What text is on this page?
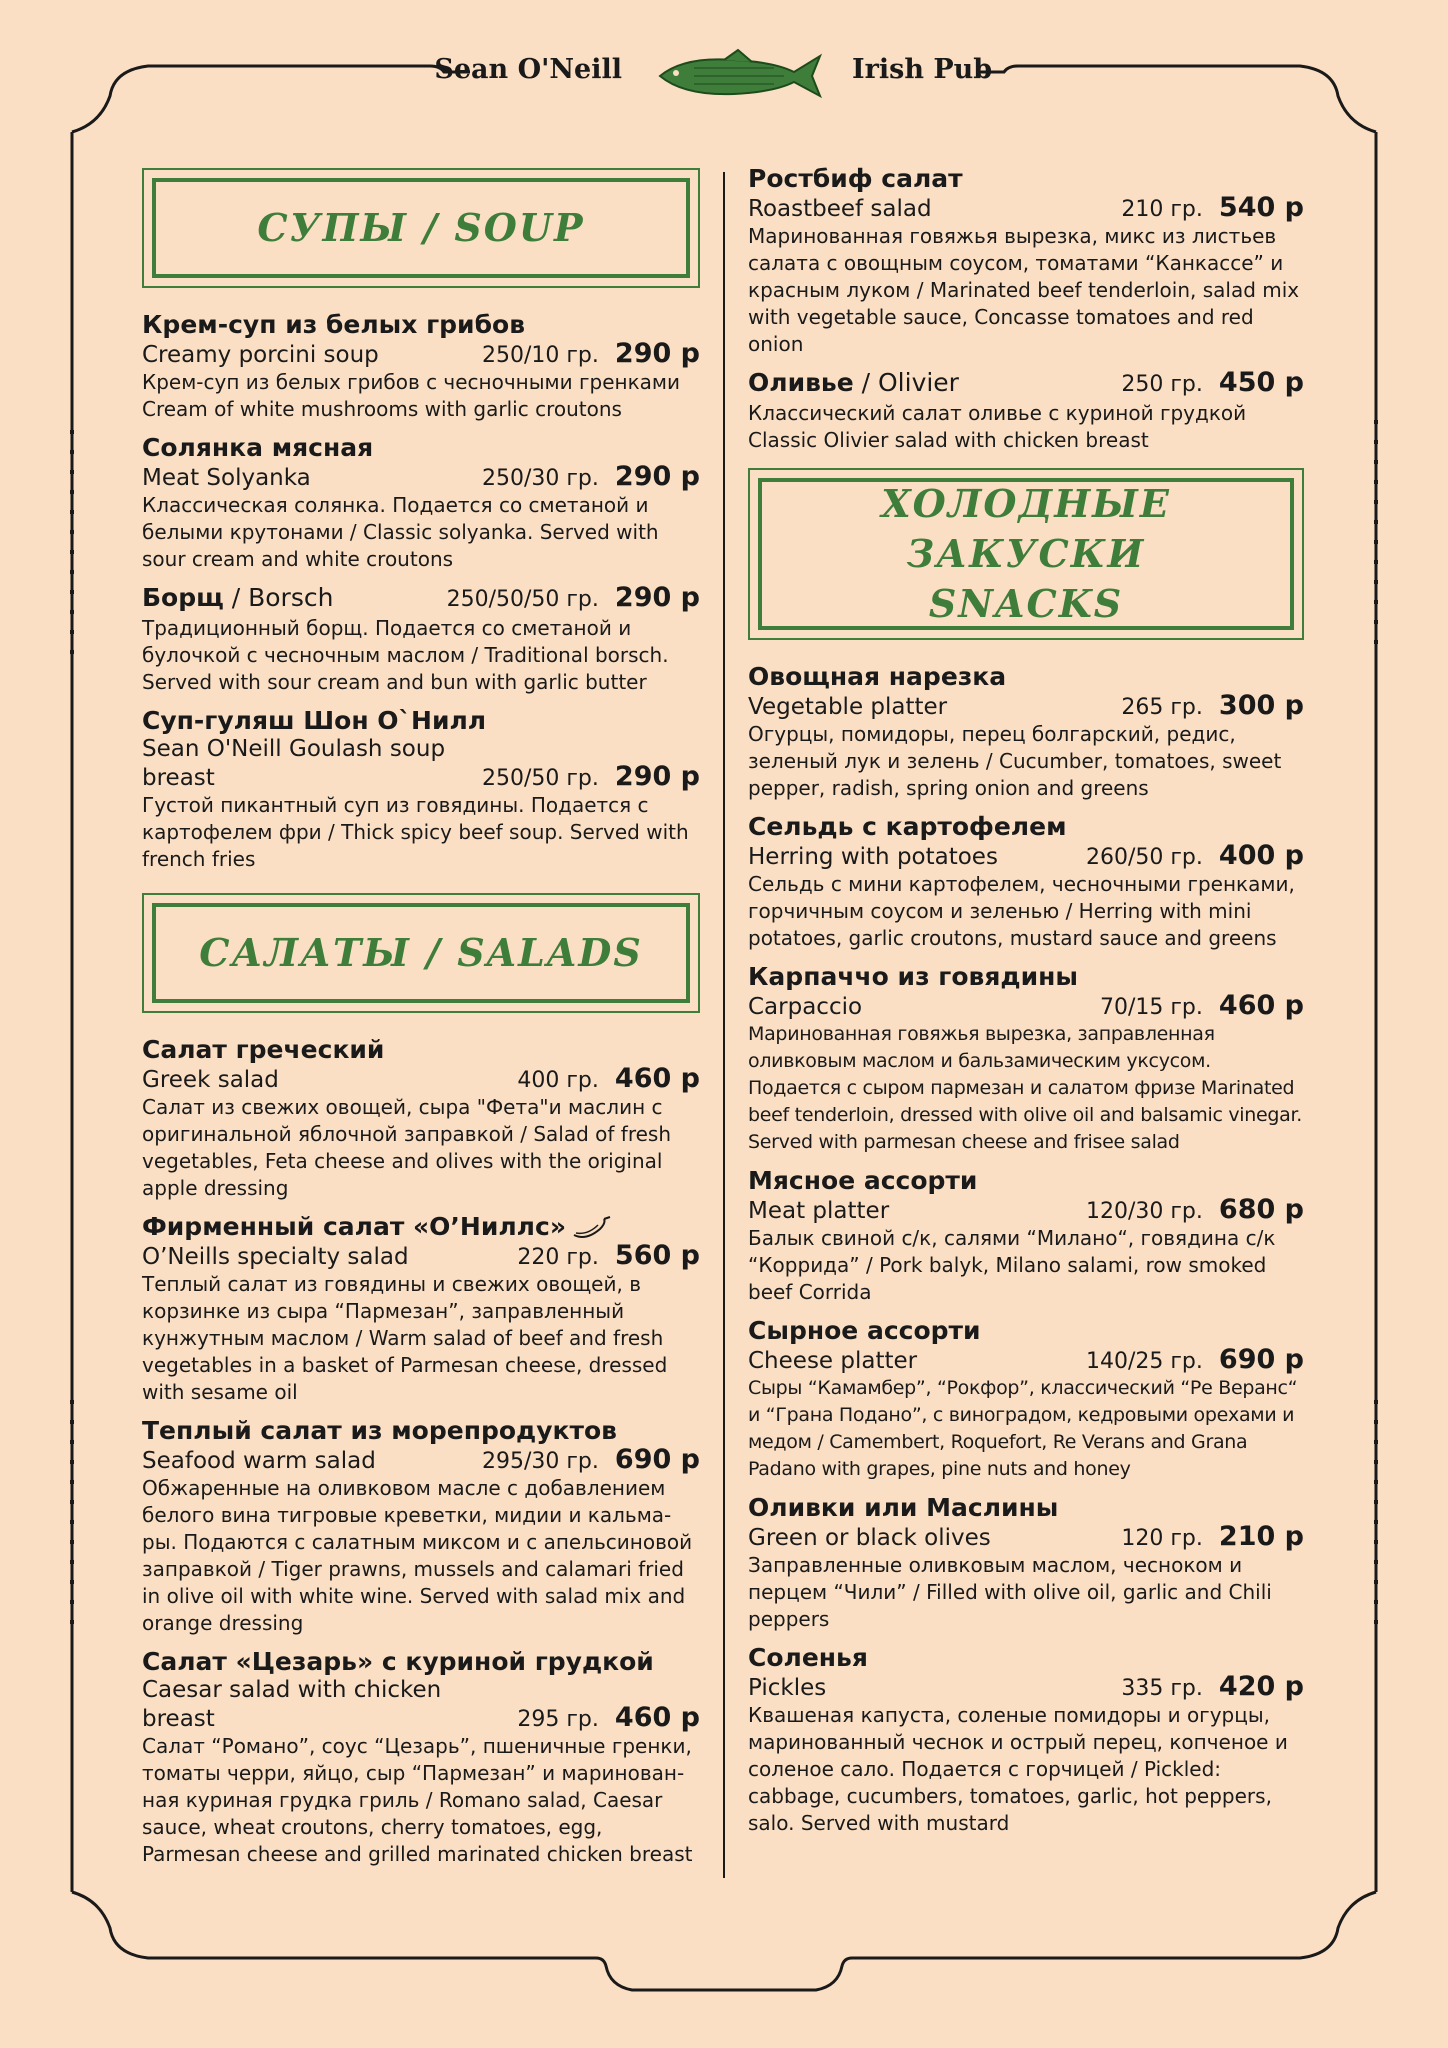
Sean O'Neill	Irish Pub
СУПЫ / SOUP
Крем-суп из белых грибов
Creamy porcini soup	250/10 гр. 290 р
Крем-суп из белых грибов с чесночными гренками Cream of white mushrooms with garlic croutons
Солянка мясная
Meat Solyanka	250/30 гр. 290 р
Классическая солянка. Подается со сметаной и белыми крутонами / Classic solyanka. Served with sour cream and white croutons
Борщ / Borsch	250/50/50 гр. 290 р
Традиционный борщ. Подается со сметаной и булочкой с чесночным маслом / Traditional borsch. Served with sour cream and bun with garlic butter
Суп-гуляш Шон О`Нилл
Sean O'Neill Goulash soup
breast	250/50 гр. 290 р
Густой пикантный суп из говядины. Подается с картофелем фри / Thick spicy beef soup. Served with french fries
САЛАТЫ / SALADS
Салат греческий
Greek salad	400 гр. 460 р
Салат из свежих овощей, сыра "Фета"и маслин с оригинальной яблочной заправкой / Salad of fresh vegetables, Feta cheese and olives with the original apple dressing
Фирменный салат «О’Ниллс»
O’Neills specialty salad	220 гр. 560 р
Теплый салат из говядины и свежих овощей, в корзинке из сыра “Пармезан”, заправленный кунжутным маслом / Warm salad of beef and fresh vegetables in a basket of Parmesan cheese, dressed with sesame oil
Теплый салат из морепродуктов
Seafood warm salad	295/30 гр. 690 р
Обжаренные на оливковом масле с добавлением белого вина тигровые креветки, мидии и кальма-ры. Подаются с салатным миксом и с апельсиновой заправкой / Tiger prawns, mussels and calamari fried in olive oil with white wine. Served with salad mix and orange dressing
Салат «Цезарь» с куриной грудкой
Caesar salad with chicken
breast	295 гр. 460 р
Салат “Романо”, соус “Цезарь”, пшеничные гренки, томаты черри, яйцо, сыр “Пармезан” и маринован-ная куриная грудка гриль / Romano salad, Caesar sauce, wheat croutons, cherry tomatoes, egg, Parmesan cheese and grilled marinated chicken breast
Ростбиф салат
Roastbeef salad	210 гр. 540 р
Маринованная говяжья вырезка, микс из листьев салата с овощным соусом, томатами “Канкассе” и красным луком / Marinated beef tenderloin, salad mix with vegetable sauce, Concasse tomatoes and red onion
Оливье / Olivier	250 гр. 450 р
Классический салат оливье с куриной грудкой Classic Olivier salad with chicken breast
ХОЛОДНЫЕ ЗАКУСКИ
SNACKS
Овощная нарезка
Vegetable platter	265 гр. 300 р
Огурцы, помидоры, перец болгарский, редис, зеленый лук и зелень / Cucumber, tomatoes, sweet pepper, radish, spring onion and greens
Сельдь с картофелем
Herring with potatoes	260/50 гр. 400 р
Сельдь с мини картофелем, чесночными гренками, горчичным соусом и зеленью / Herring with mini potatoes, garlic croutons, mustard sauce and greens
Карпаччо из говядины
Carpaccio	70/15 гр. 460 р
Маринованная говяжья вырезка, заправленная оливковым маслом и бальзамическим уксусом. Подается с сыром пармезан и салатом фризе Marinated beef tenderloin, dressed with olive oil and balsamic vinegar. Served with parmesan cheese and frisee salad
Мясное ассорти
Meat platter	120/30 гр. 680 р
Балык свиной с/к, салями “Милано“, говядина с/к “Коррида” / Pork balyk, Milano salami, row smoked beef Corrida
Сырное ассорти
Cheese platter	140/25 гр. 690 р
Сыры “Камамбер”, “Рокфор”, классический “Ре Веранс“ и “Грана Подано”, с виноградом, кедровыми орехами и медом / Camembert, Roquefort, Re Verans and Grana Padano with grapes, pine nuts and honey
Оливки или Маслины
Green or black olives	120 гр. 210 р
Заправленные оливковым маслом, чесноком и перцем “Чили” / Filled with olive oil, garlic and Chili peppers
Соленья
Pickles	335 гр. 420 р
Квашеная капуста, соленые помидоры и огурцы, маринованный чеснок и острый перец, копченое и соленое сало. Подается с горчицей / Pickled: cabbage, cucumbers, tomatoes, garlic, hot peppers, salo. Served with mustard
